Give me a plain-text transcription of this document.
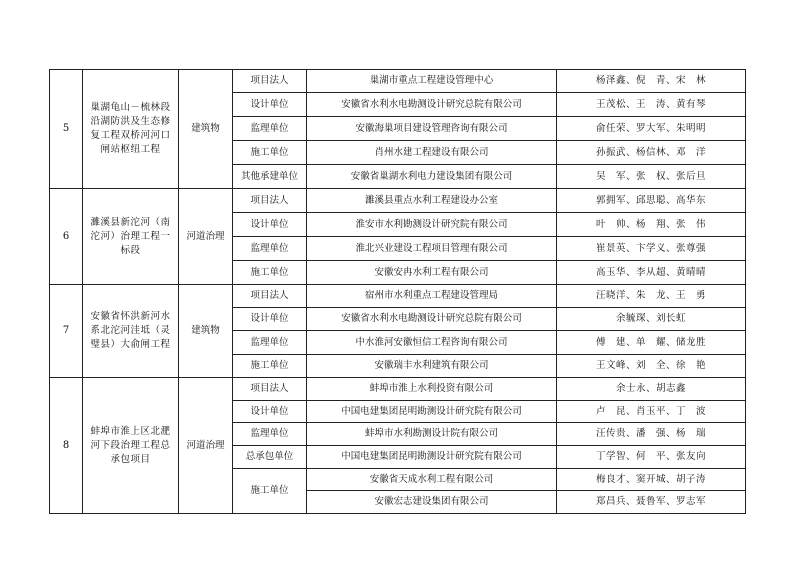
5	巢湖龟山－梳林段沿湖防洪及生态修复工程双桥河河口闸站枢纽工程	建筑物	项目法人	巢湖市重点工程建设管理中心	杨泽鑫、倪　青、宋　林
			设计单位	安徽省水利水电勘测设计研究总院有限公司	王茂松、王　涛、黄有琴
			监理单位	安徽海巢项目建设管理咨询有限公司	俞任荣、罗大军、朱明明
			施工单位	肖州水建工程建设有限公司	孙振武、杨信林、邓　洋
			其他承建单位	安徽省巢湖水利电力建设集团有限公司	吴　军、张　权、张后旦
6	濉溪县新沱河（南沱河）治理工程一标段	河道治理	项目法人	濉溪县重点水利工程建设办公室	郭拥军、邱思聪、高华东
			设计单位	淮安市水利勘测设计研究院有限公司	叶　帅、杨　翔、张　伟
			监理单位	淮北兴业建设工程项目管理有限公司	崔景英、卞学义、张尊强
			施工单位	安徽安冉水利工程有限公司	高玉华、李从超、黄晴晴
7	安徽省怀洪新河水系北沱河洼坻（灵璧县）大俞闸工程	建筑物	项目法人	宿州市水利重点工程建设管理局	汪晓洋、朱　龙、王　勇
			设计单位	安徽省水利水电勘测设计研究总院有限公司	余毓琛、刘长虹
			监理单位	中水淮河安徽恒信工程咨询有限公司	傅　建、单　耀、储龙胜
			施工单位	安徽瑞丰水利建筑有限公司	王文峰、刘　全、徐　艳
8	蚌埠市淮上区北淝河下段治理工程总承包项目	河道治理	项目法人	蚌埠市淮上水利投资有限公司	余士永、胡志鑫
			设计单位	中国电建集团昆明勘测设计研究院有限公司	卢　昆、肖玉平、丁　波
			监理单位	蚌埠市水利勘测设计院有限公司	汪传贵、潘　强、杨　瑞
			总承包单位	中国电建集团昆明勘测设计研究院有限公司	丁学智、何　平、张友向
			施工单位	安徽省天成水利工程有限公司	梅良才、窦开城、胡子涛
				安徽宏志建设集团有限公司	郑昌兵、聂鲁军、罗志军
